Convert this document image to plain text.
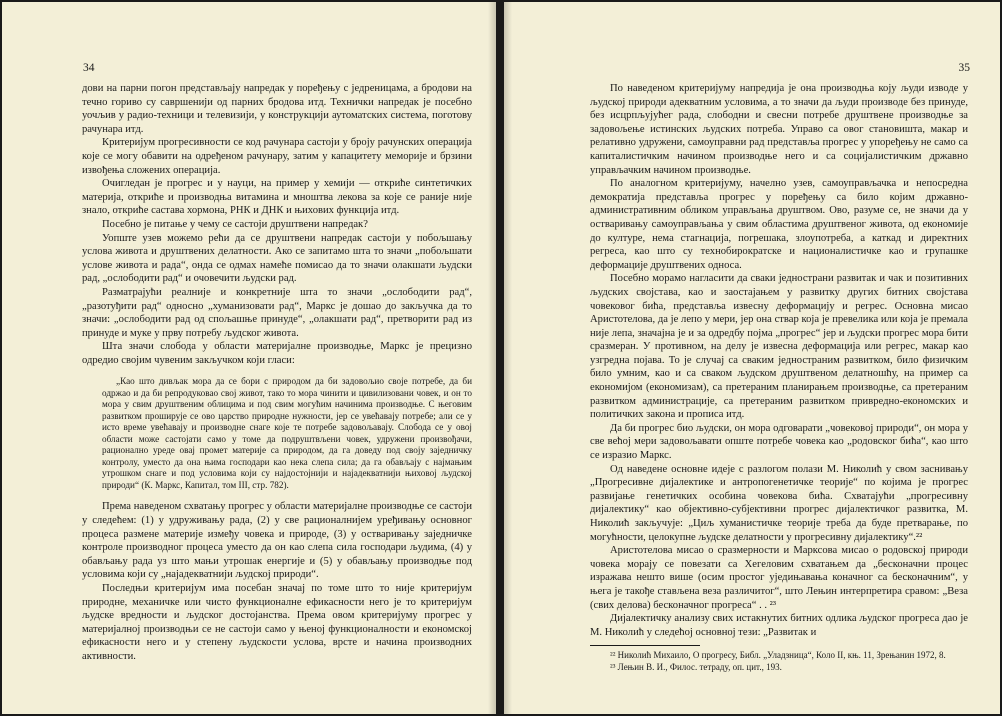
34

дови на парни погон представљају напредак у поређењу с једреницама, а бродови на течно гориво су савршенији од парних бродова итд. Технички напредак је посебно уочљив у радио-техници и телевизији, у конструкцији аутоматских система, поготову рачунара итд.

Критеријум прогресивности се код рачунара састоји у броју рачунских операција које се могу обавити на одређеном рачунару, затим у капацитету меморије и брзини извођења сложених операција.

Очигледан је прогрес и у науци, на пример у хемији — откриће синтетичких материја, откриће и производња витамина и мноштва лекова за које се раније није знало, откриће састава хормона, РНК и ДНК и њихових функција итд.

Посебно је питање у чему се састоји друштвени напредак?

Уопште узев можемо рећи да се друштвени напредак састоји у побољшању услова живота и друштвених делатности. Ако се запитамо шта то значи „побољшати услове живота и рада“, онда се одмах намеће помисао да то значи олакшати људски рад, „ослободити рад“ и очовечити људски рад.

Разматрајући реалније и конкретније шта то значи „ослободити рад“, „разотуђити рад“ односно „хуманизовати рад“, Маркс је дошао до закључка да то значи: „ослободити рад од спољашње принуде“, „олакшати рад“, претворити рад из принуде и муке у прву потребу људског живота.

Шта значи слобода у области материјалне производње, Маркс је прецизно одредио својим чувеним закључком који гласи:

„Као што дивљак мора да се бори с природом да би задовољио своје потребе, да би одржао и да би репродуковао свој живот, тако то мора чинити и цивилизовани човек, и он то мора у свим друштвеним облицима и под свим могућим начинима производње. С његовим развитком проширује се ово царство природне нужности, јер се увећавају потребе; али се у исто време увећавају и производне снаге које те потребе задовољавају. Слобода се у овој области може састојати само у томе да подруштвљени човек, удружени произвођачи, рационално уреде овај промет материје са природом, да га доведу под своју заједничку контролу, уместо да она њима господари као нека слепа сила; да га обављају с најмањим утрошком снаге и под условима који су најдостојнији и најадекватнији њиховој људској природи“ (К. Маркс, Капитал, том III, стр. 782).

Према наведеном схватању прогрес у области материјалне производње се састоји у следећем: (1) у удруживању рада, (2) у све рационалнијем уређивању основног процеса размене материје између човека и природе, (3) у остваривању заједничке контроле производног процеса уместо да он као слепа сила господари људима, (4) у обављању рада уз што мањи утрошак енергије и (5) у обављању производње под условима који су „најадекватнији људској природи“.

Последњи критеријум има посебан значај по томе што то није критеријум природне, механичке или чисто функционалне ефикасности него је то критеријум људске вредности и људског достојанства. Према овом критеријуму прогрес у материјалној производњи се не састоји само у њеној функционалности и економској ефикасности него и у степену људскости услова, врсте и начина производних активности.

35

По наведеном критеријуму напредија је она производња коју људи изводе у људској природи адекватним условима, а то значи да људи производе без принуде, без исцрпљујућег рада, слободни и свесни потребе друштвене производње за задовољење истинских људских потреба. Управо са овог становишта, макар и релативно удружени, самоуправни рад представља прогрес у упоређењу не само са капиталистичким начином производње него и са социјалистичким државно управљачким начином производње.

По аналогном критеријуму, начелно узев, самоуправљачка и непосредна демократија представља прогрес у поређењу са било којим државно-административним обликом управљања друштвом. Ово, разуме се, не значи да у остваривању самоуправљања у свим областима друштвеног живота, од економије до културе, нема стагнација, погрешака, злоупотреба, а каткад и директних регреса, као што су технобирократске и националистичке као и групашке деформације друштвених односа.

Посебно морамо нагласити да сваки једнострани развитак и чак и позитивних људских својстава, као и заостајањем у развитку других битних својстава човековог бића, представља извесну деформацију и регрес. Основна мисао Аристотелова, да је лепо у мери, јер она ствар која је превелика или која је премала није лепа, значајна је и за одредбу појма „прогрес“ јер и људски прогрес мора бити сразмеран. У противном, на делу је извесна деформација или регрес, макар као узгредна појава. То је случај са сваким једностраним развитком, било физичким било умним, као и са сваком људском друштвеном делатношћу, на пример са економијом (економизам), са претераним планирањем производње, са претераним развитком администрације, са претераним развитком привредно-економских и политичких закона и прописа итд.

Да би прогрес био људски, он мора одговарати „човековој природи“, он мора у све већој мери задовољавати опште потребе човека као „родовског бића“, као што се изразио Маркс.

Од наведене основне идеје с разлогом полази М. Николић у свом заснивању „Прогресивне дијалектике и антропогенетичке теорије“ по којима је прогрес развијање генетичких особина човекова бића. Схватајући „прогресивну дијалектику“ као објективно-субјективни прогрес дијалектичког развитка, М. Николић закључује: „Циљ хуманистичке теорије треба да буде претварање, по могућности, целокупне људске делатности у прогресивну дијалектику“.²²

Аристотелова мисао о сразмерности и Марксова мисао о родовској природи човека морају се повезати са Хегеловим схватањем да „бесконачни процес изражава нешто више (осим простог уједињавања коначног са бесконачним“, у њега је такође стављена веза различитог“, што Лењин интерпретира сравом: „Веза (свих делова) бесконачног прогреса“ . . ²³

Дијалектичку анализу свих истакнутих битних одлика људског прогреса дао је М. Николић у следећој основној тези: „Развитак и

²² Николић Михаило, О прогресу, Библ. „Уладзница“, Коло II, књ. 11, Зрењанин 1972, 8.

²³ Лењин В. И., Филос. тетраду, оп. цит., 193.
